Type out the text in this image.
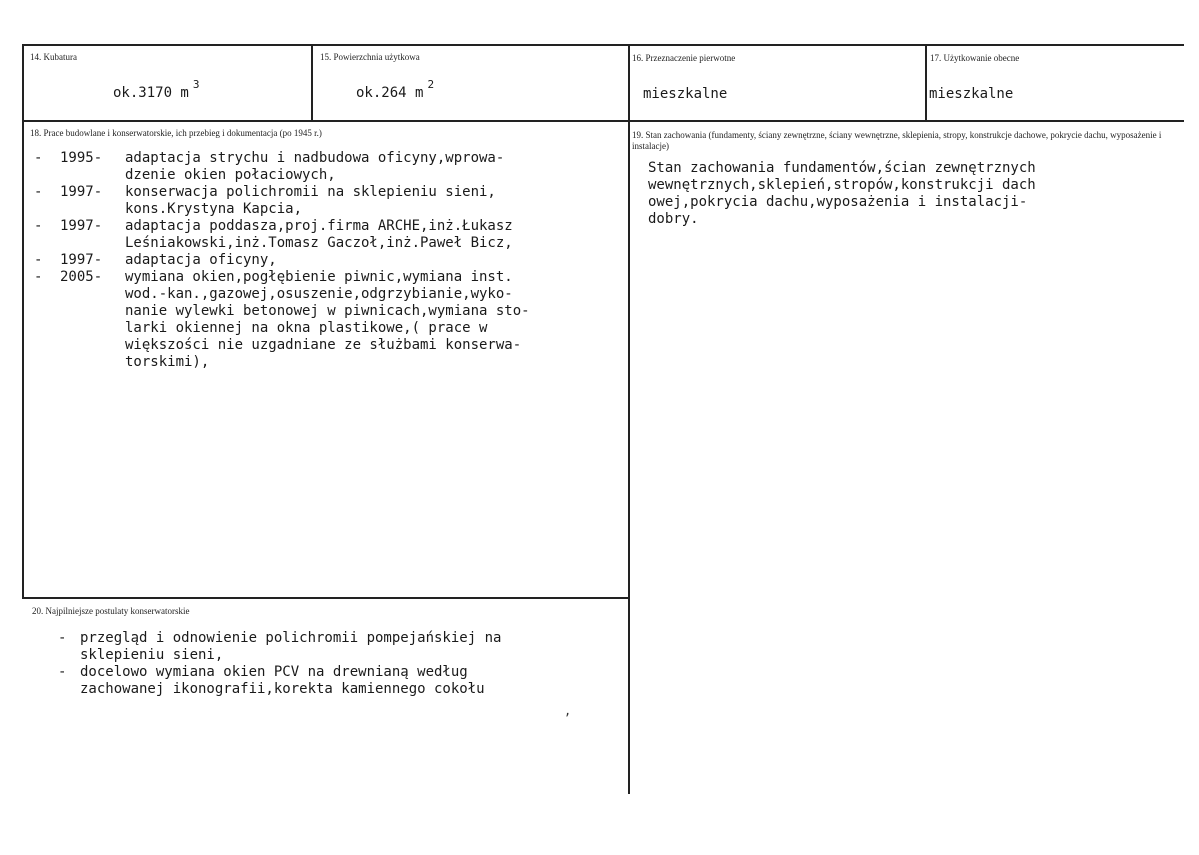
14. Kubatura
ok.3170 $m^3$
15. Powierzchnia użytkowa
ok.264 $m^2$
16. Przeznaczenie pierwotne
mieszkalne
17. Użytkowanie obecne
mieszkalne
18. Prace budowlane i konserwatorskie, ich przebieg i dokumentacja (po 1945 r.)
-	1995-	adaptacja strychu i nadbudowa oficyny,wprowa-
dzenie okien połaciowych,
-	1997-	konserwacja polichromii na sklepieniu sieni,
kons.Krystyna Kapcia,
-	1997-	adaptacja poddasza,proj.firma ARCHE,inż.Łukasz
Leśniakowski,inż.Tomasz Gaczoł,inż.Paweł Bicz,
-	1997-	adaptacja oficyny,
-	2005-	wymiana okien,pogłębienie piwnic,wymiana inst.
wod.-kan.,gazowej,osuszenie,odgrzybianie,wyko-
nanie wylewki betonowej w piwnicach,wymiana sto-
larki okiennej na okna plastikowe,( prace w
większości nie uzgadniane ze służbami konserwa-
torskimi),
19. Stan zachowania (fundamenty, ściany zewnętrzne, ściany wewnętrzne, sklepienia, stropy, konstrukcje dachowe, pokrycie dachu, wyposażenie i instalacje)
Stan zachowania fundamentów,ścian zewnętrznych
wewnętrznych,sklepień,stropów,konstrukcji dach
owej,pokrycia dachu,wyposażenia i instalacji-
dobry.
20. Najpilniejsze postulaty konserwatorskie
- przegląd i odnowienie polichromii pompejańskiej na
sklepieniu sieni,
- docelowo wymiana okien PCV na drewnianą według
zachowanej ikonografii,korekta kamiennego cokołu
,
